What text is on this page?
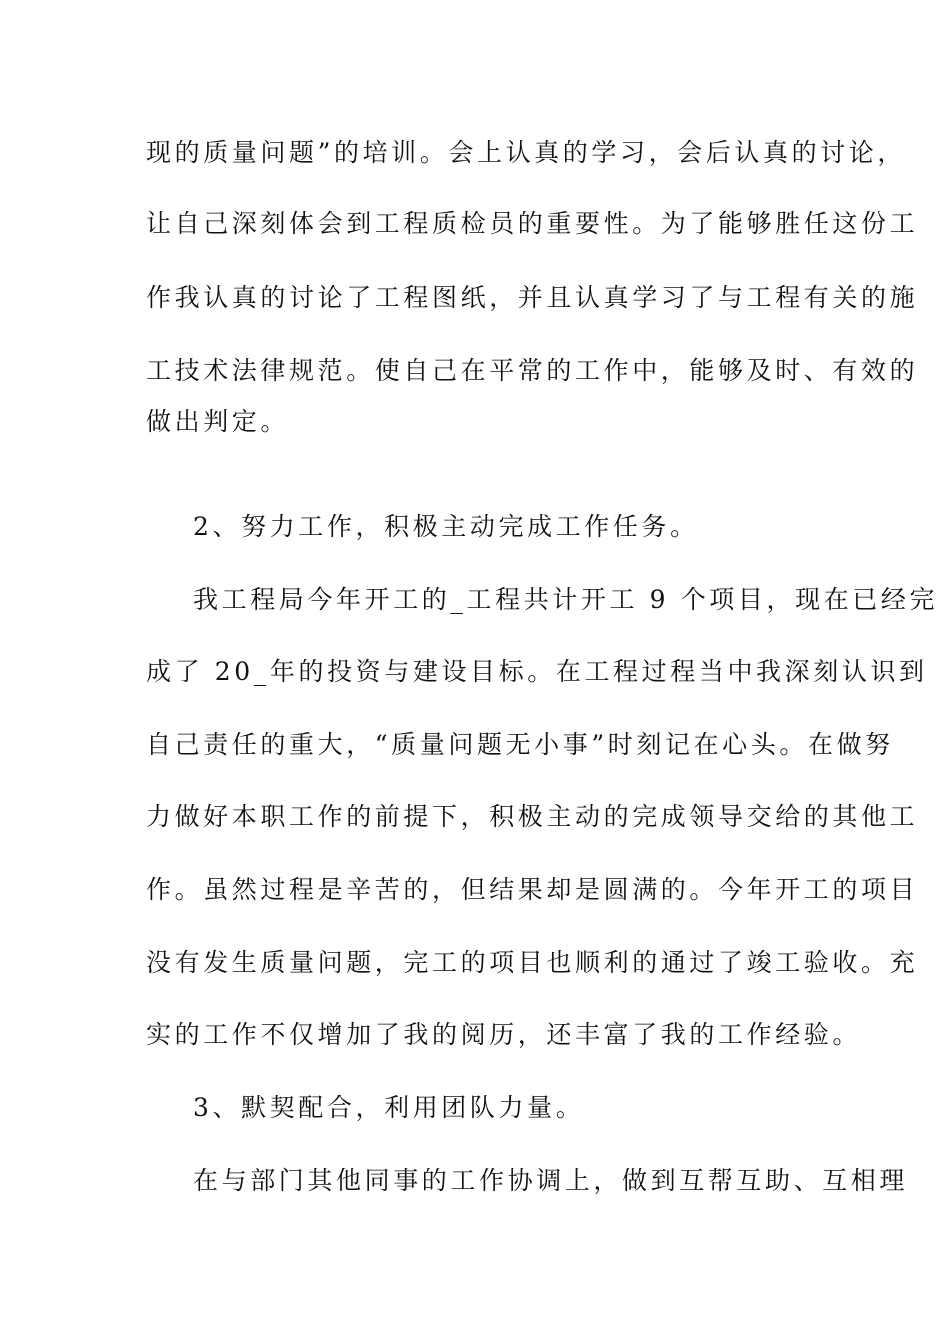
现的质量问题”的培训。会上认真的学习，会后认真的讨论，
让自己深刻体会到工程质检员的重要性。为了能够胜任这份工
作我认真的讨论了工程图纸，并且认真学习了与工程有关的施
工技术法律规范。使自己在平常的工作中，能够及时、有效的
做出判定。
2、努力工作，积极主动完成工作任务。
我工程局今年开工的_工程共计开工 9 个项目，现在已经完
成了 20_年的投资与建设目标。在工程过程当中我深刻认识到
自己责任的重大，“质量问题无小事”时刻记在心头。在做努
力做好本职工作的前提下，积极主动的完成领导交给的其他工
作。虽然过程是辛苦的，但结果却是圆满的。今年开工的项目
没有发生质量问题，完工的项目也顺利的通过了竣工验收。充
实的工作不仅增加了我的阅历，还丰富了我的工作经验。
3、默契配合，利用团队力量。
在与部门其他同事的工作协调上，做到互帮互助、互相理
